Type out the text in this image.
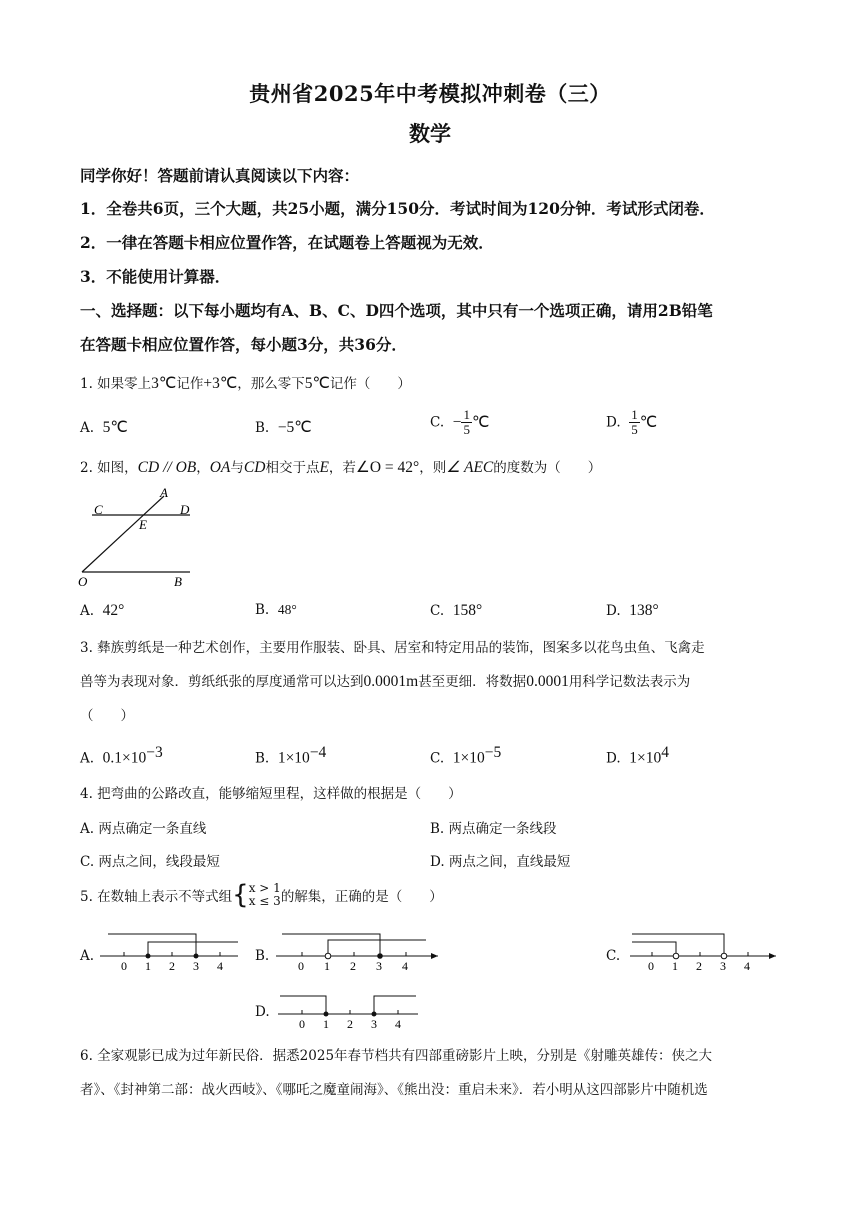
贵州省2025年中考模拟冲刺卷（三）
数学
同学你好！答题前请认真阅读以下内容：
1．全卷共6页，三个大题，共25小题，满分150分．考试时间为120分钟．考试形式闭卷．
2．一律在答题卡相应位置作答，在试题卷上答题视为无效．
3．不能使用计算器．
一、选择题：以下每小题均有A、B、C、D四个选项，其中只有一个选项正确，请用2B铅笔
在答题卡相应位置作答，每小题3分，共36分．
1. 如果零上3℃记作+3℃，那么零下5℃记作（　　）
A. 5℃	B. −5℃	C. − $\frac{1}{5}$ ℃	D. $\frac{1}{5}$ ℃
2. 如图，CD // OB，OA与CD相交于点E，若∠O = 42°，则∠ AEC的度数为（　　）
A
C	D
E
O	B
A. 42°	B. 48°	C. 158°	D. 138°
3. 彝族剪纸是一种艺术创作，主要用作服装、卧具、居室和特定用品的装饰，图案多以花鸟虫鱼、飞禽走
兽等为表现对象．剪纸纸张的厚度通常可以达到0.0001m甚至更细．将数据0.0001用科学记数法表示为
（　　）
A. $0.1\times 10^{-3}$	B. $1\times 10^{-4}$	C. $1\times 10^{-5}$	D. $1\times 10^4$
4. 把弯曲的公路改直，能够缩短里程，这样做的根据是（　　）
A. 两点确定一条直线	B. 两点确定一条线段
C. 两点之间，线段最短	D. 两点之间，直线最短
5. 在数轴上表示不等式组{ x > 1
x ≤ 3 的解集，正确的是（　　）
A.	B.	C.
D.
0 1 2 3 4	0 1 2 3 4	0 1 2 3 4
0 1 2 3 4
6. 全家观影已成为过年新民俗．据悉2025年春节档共有四部重磅影片上映，分别是《射雕英雄传：侠之大
者》、《封神第二部：战火西岐》、《哪吒之魔童闹海》、《熊出没：重启未来》．若小明从这四部影片中随机选
